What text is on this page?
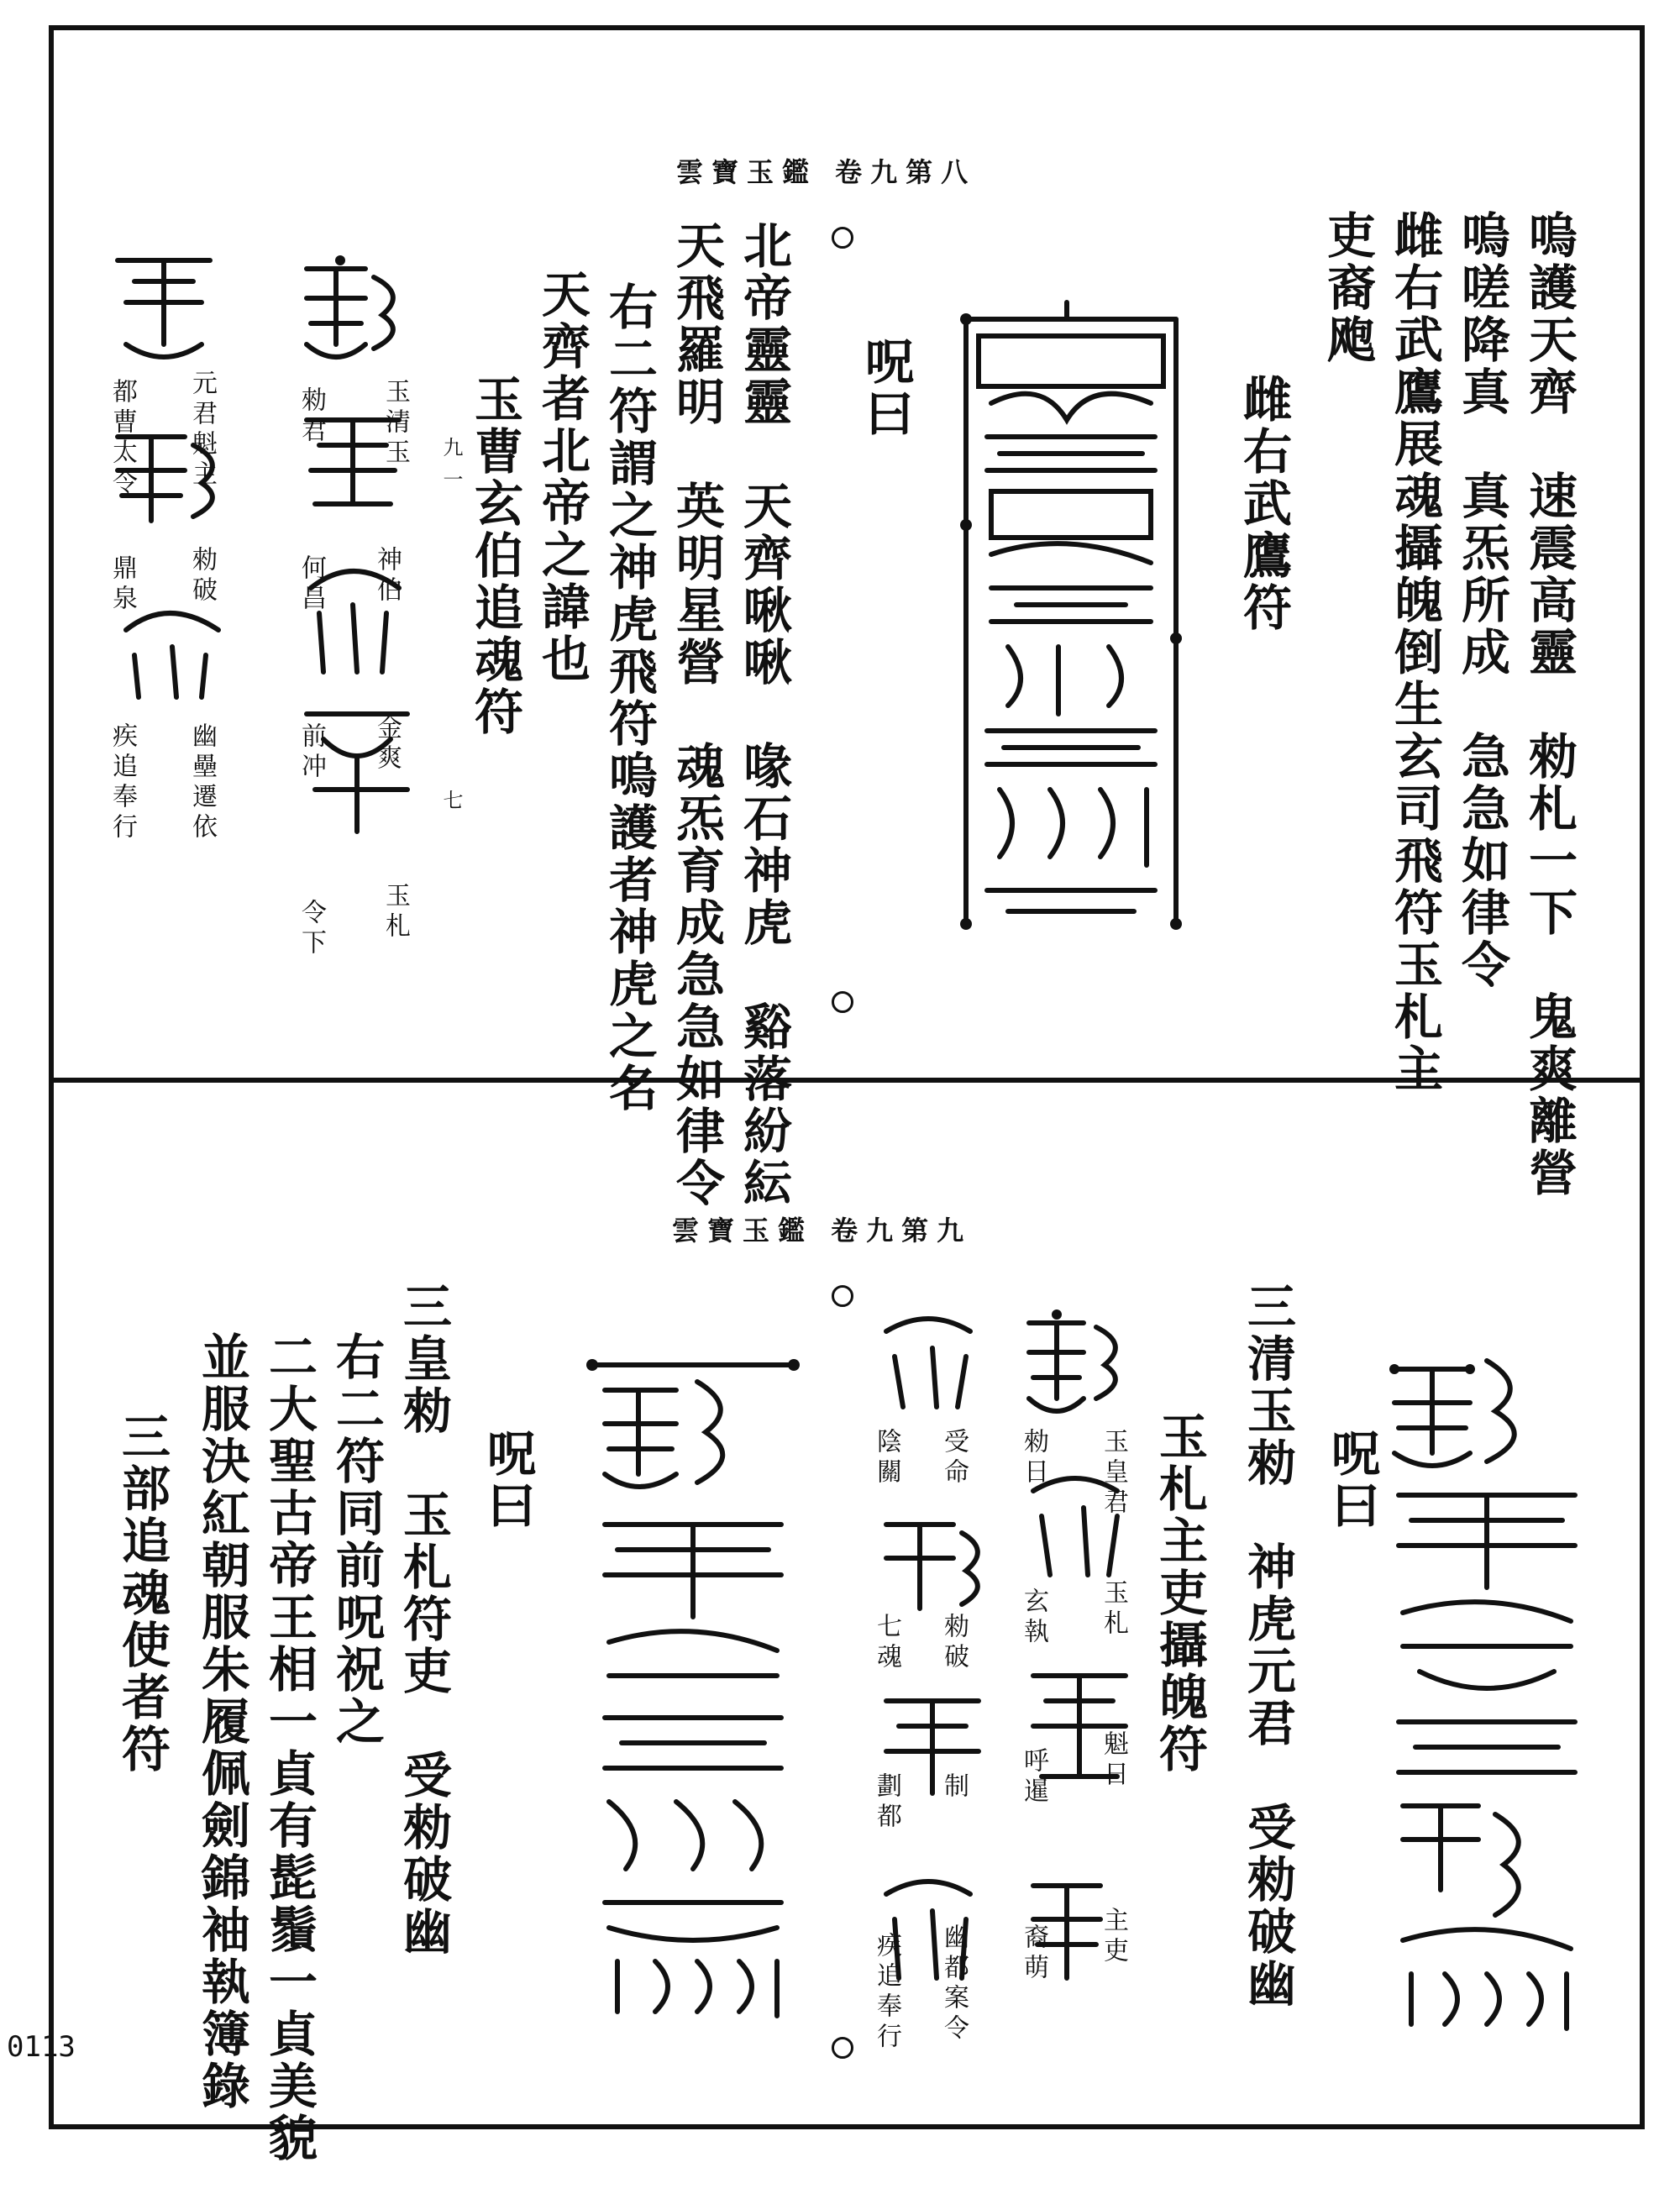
雲寶玉鑑 卷九第八
嗚護天齊　速震高靈　勑札一下　鬼爽離營
嗚嗟降真　真炁所成　急急如律令
雌右武鷹展魂攝魄倒生玄司飛符玉札主
吏裔飑
雌右武鷹符
呪曰
北帝靈靈　天齊啾啾　喙石神虎　谿落紛紜
天飛羅明　英明星營　魂炁育成急急如律令
右二符謂之神虎飛符嗚護者神虎之名
天齊者北帝之諱也
玉曹玄伯追魂符
玉清玉
勑君
神伯
何昌
金爽
前冲
玉札
令下
九一
七
元君魁主
都曹太令
勑破
鼎泉
幽壘遷依
疾追奉行
雲寶玉鑑 卷九第九
三清玉勑　神虎元君　受勑破幽 呪曰
玉札主吏攝魄符
三皇勑　玉札符吏　受勑破幽 呪曰
右二符同前呪祝之
二大聖古帝王相一貞有髭鬚一貞美貌
並服決紅朝服朱履佩劍錦袖執簿錄
三部追魂使者符	玉皇君
勑日
玉札
玄執
魁日
呼暹
主吏
裔萌
受命
陰關
勑破
七魂
制
劃都
幽都案令
疾追奉行
0113
